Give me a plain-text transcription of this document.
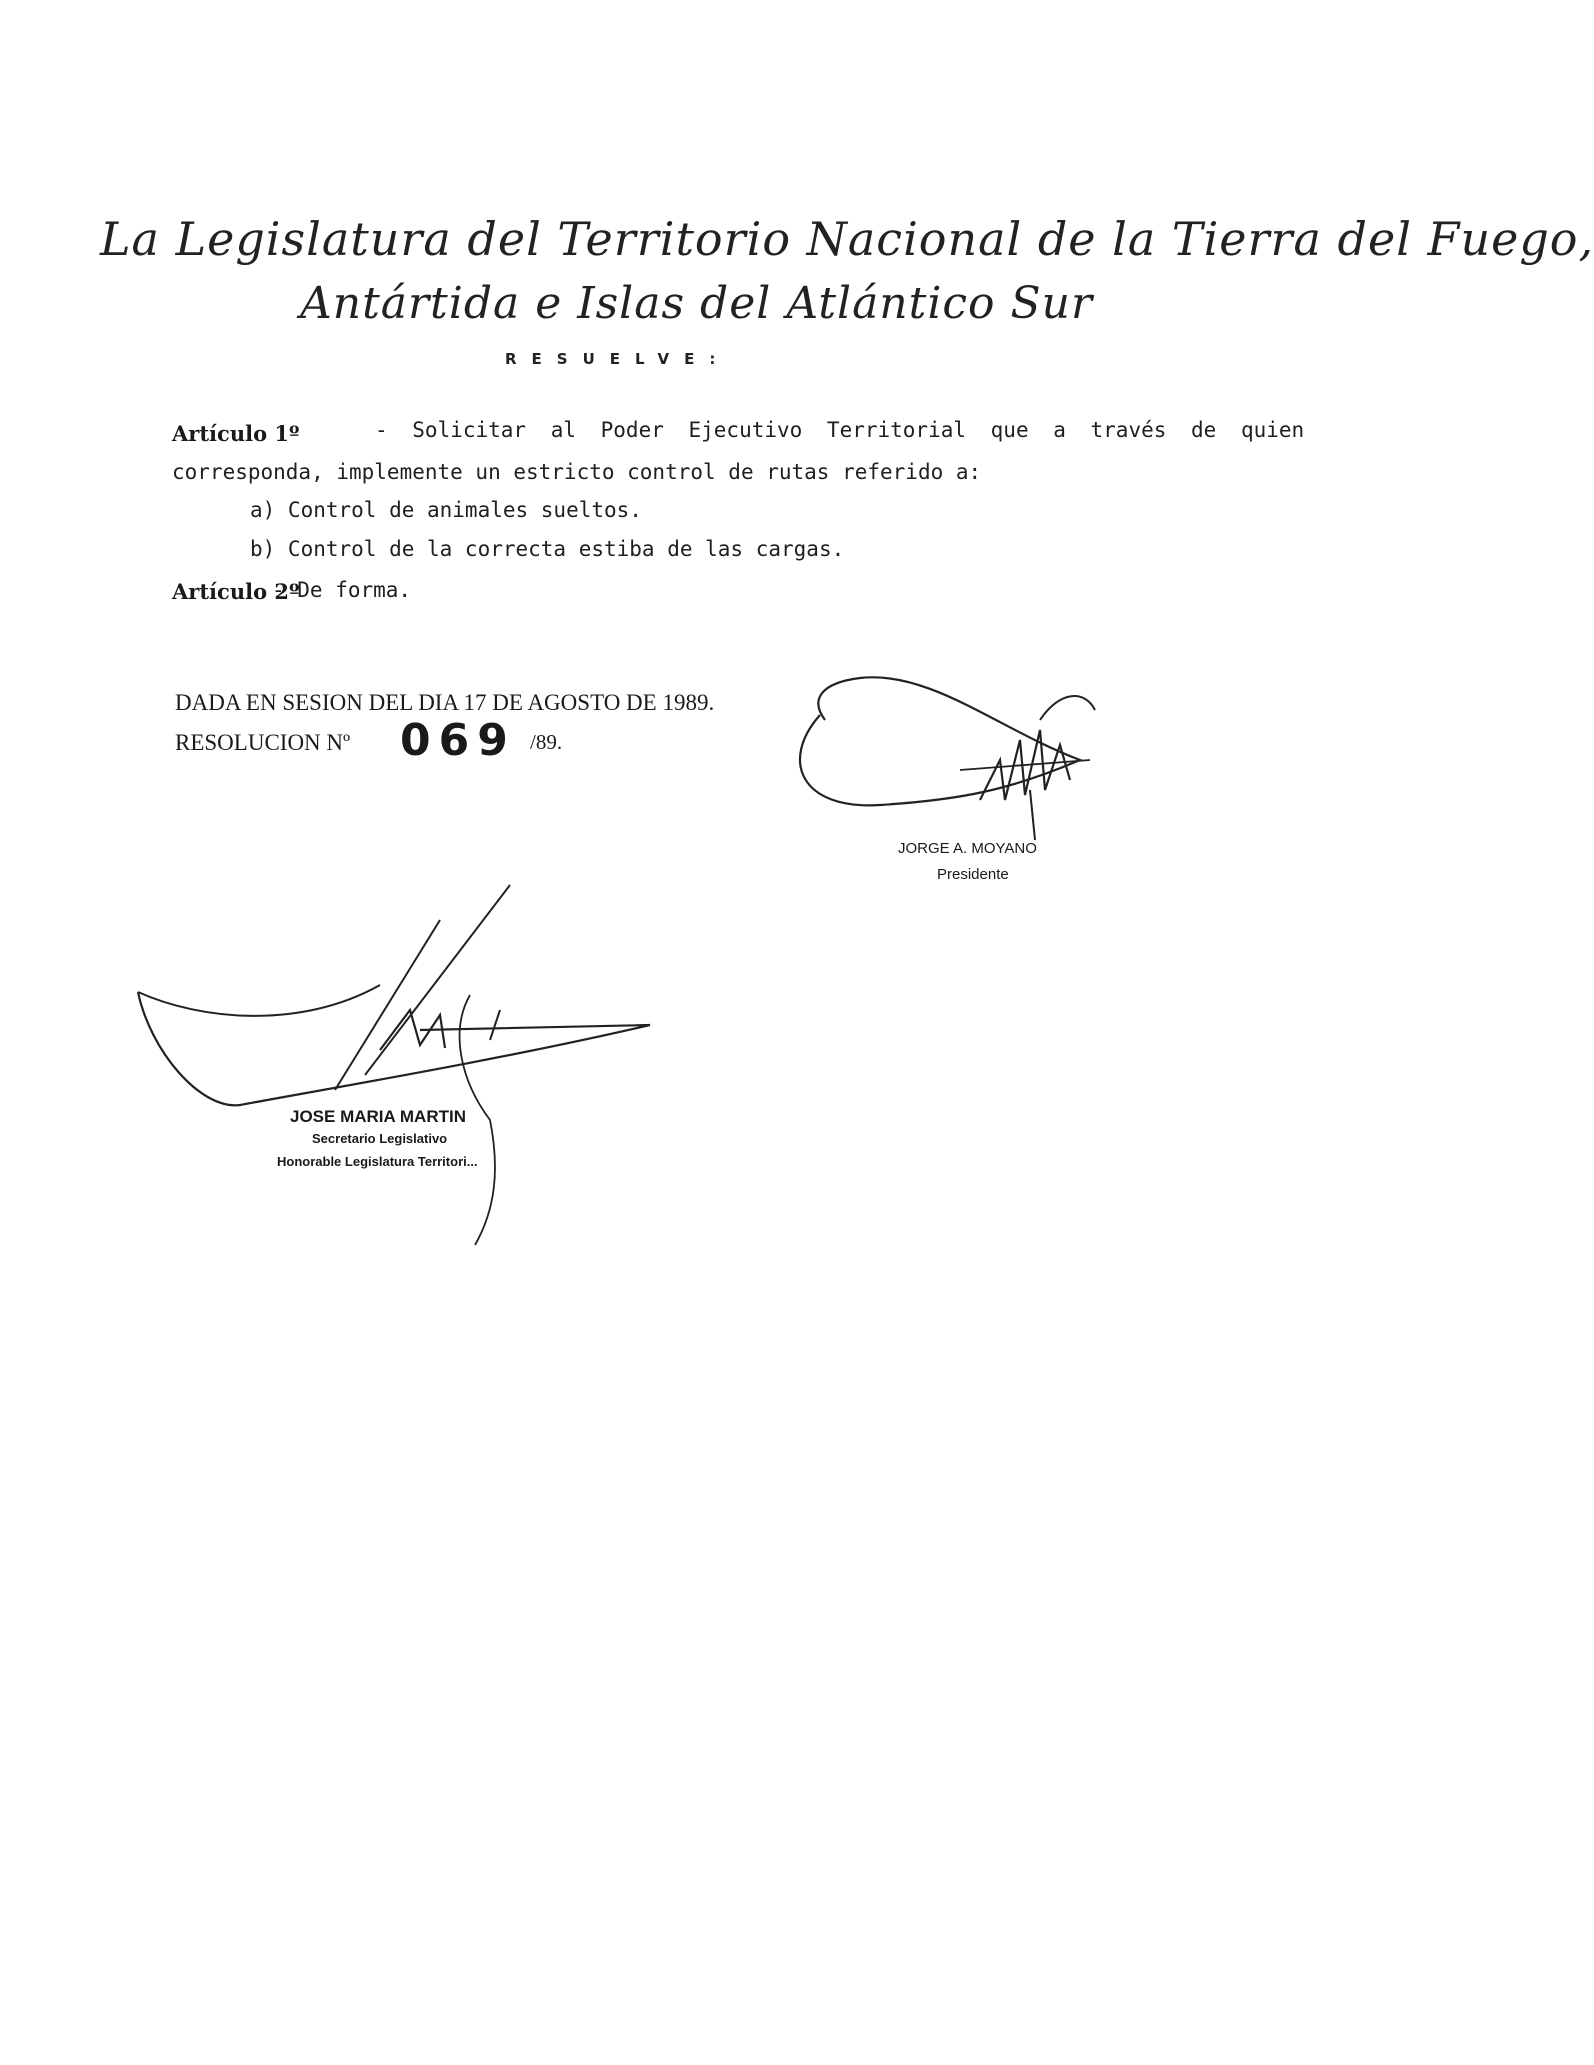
La Legislatura del Territorio Nacional de la Tierra del Fuego,
Antártida e Islas del Atlántico Sur
RESUELVE:
Artículo 1º	- Solicitar al Poder Ejecutivo Territorial que a través de quien
corresponda, implemente un estricto control de rutas referido a:
a) Control de animales sueltos.
b) Control de la correcta estiba de las cargas.
Artículo 2º
- De forma.
DADA EN SESION DEL DIA 17 DE AGOSTO DE 1989.
RESOLUCION Nº 069 /89.
JORGE A. MOYANO
Presidente
JOSE MARIA MARTIN
Secretario Legislativo
Honorable Legislatura Territori...
